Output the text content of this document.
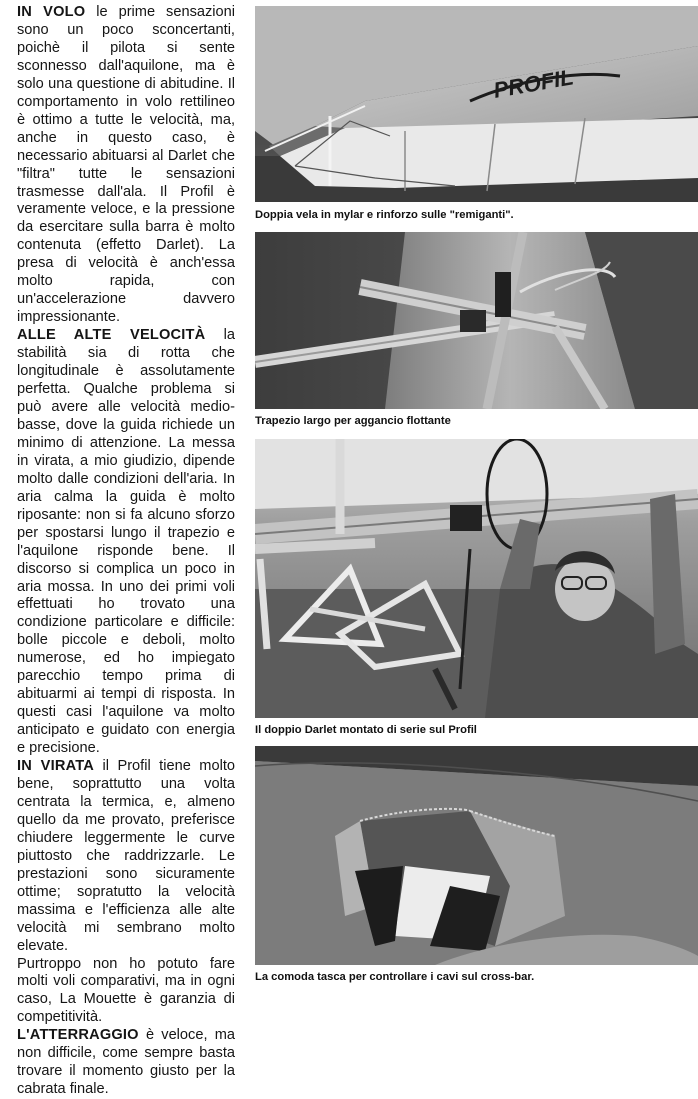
IN VOLO le prime sensazioni sono un poco sconcertanti, poichè il pilota si sente sconnesso dall'aquilone, ma è solo una questione di abitudine. Il comportamento in volo rettilineo è ottimo a tutte le velocità, ma, anche in questo caso, è necessario abituarsi al Darlet che "filtra" tutte le sensazioni trasmesse dall'ala. Il Profil è veramente veloce, e la pressione da esercitare sulla barra è molto contenuta (effetto Darlet). La presa di velocità è anch'essa molto rapida, con un'accelerazione davvero impressionante.

ALLE ALTE VELOCITÀ la stabilità sia di rotta che longitudinale è assolutamente perfetta. Qualche problema si può avere alle velocità medio-basse, dove la guida richiede un minimo di attenzione. La messa in virata, a mio giudizio, dipende molto dalle condizioni dell'aria. In aria calma la guida è molto riposante: non si fa alcuno sforzo per spostarsi lungo il trapezio e l'aquilone risponde bene. Il discorso si complica un poco in aria mossa. In uno dei primi voli effettuati ho trovato una condizione particolare e difficile: bolle piccole e deboli, molto numerose, ed ho impiegato parecchio tempo prima di abituarmi ai tempi di risposta. In questi casi l'aquilone va molto anticipato e guidato con energia e precisione.

IN VIRATA il Profil tiene molto bene, soprattutto una volta centrata la termica, e, almeno quello da me provato, preferisce chiudere leggermente le curve piuttosto che raddrizzarle. Le prestazioni sono sicuramente ottime; sopratutto la velocità massima e l'efficienza alle alte velocità mi sembrano molto elevate.

Purtroppo non ho potuto fare molti voli comparativi, ma in ogni caso, La Mouette è garanzia di competitività.

L'ATTERRAGGIO è veloce, ma non difficile, come sempre basta trovare il momento giusto per la cabrata finale.

PROFIL
Doppia vela in mylar e rinforzo sulle "remiganti".
Trapezio largo per aggancio flottante
Il doppio Darlet montato di serie sul Profil
La comoda tasca per controllare i cavi sul cross-bar.
